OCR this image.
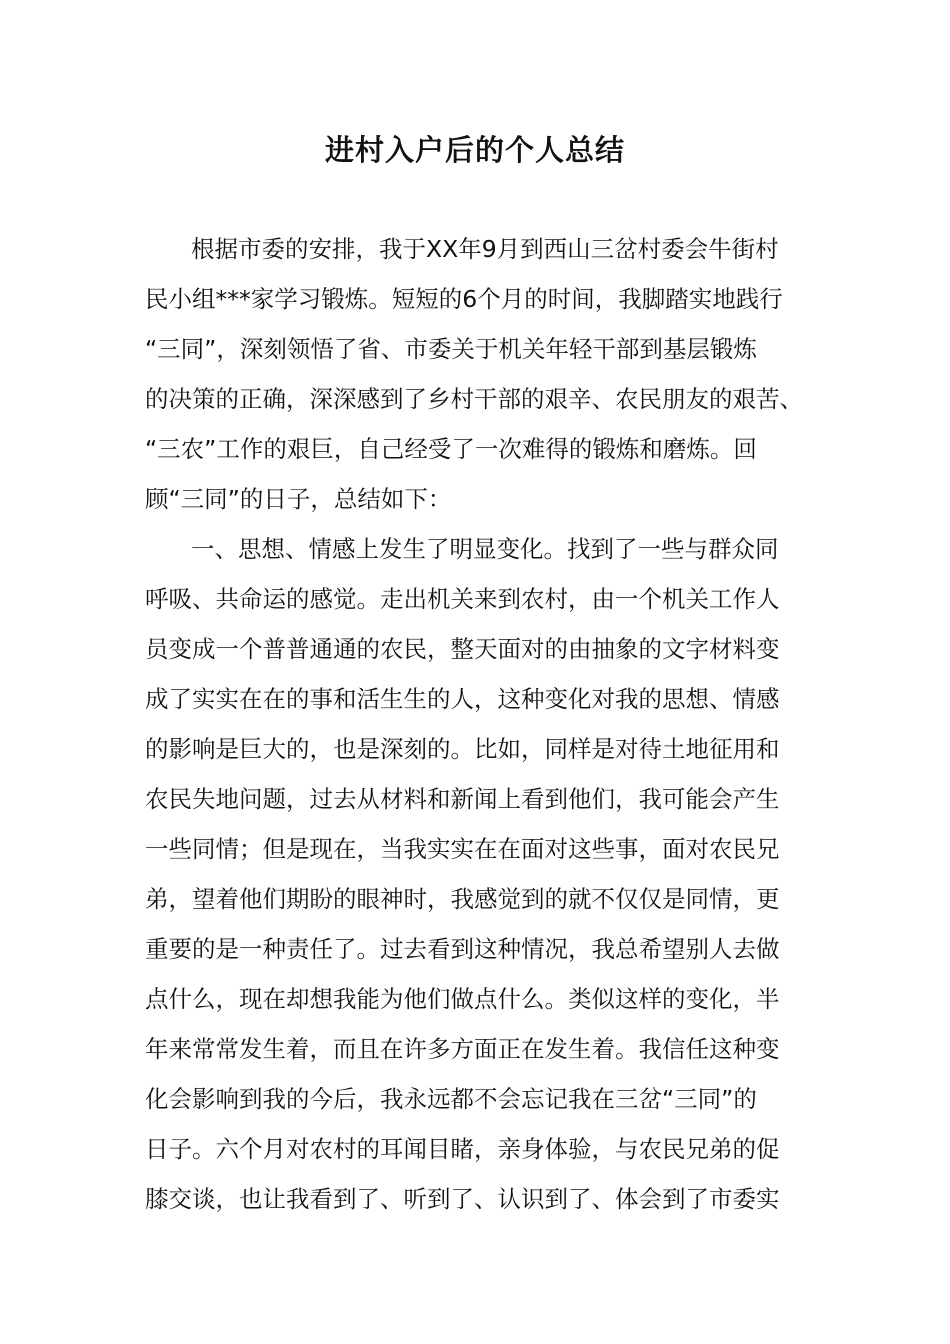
进村入户后的个人总结
根据市委的安排，我于XX年9月到西山三岔村委会牛街村
民小组***家学习锻炼。短短的6个月的时间，我脚踏实地践行
“三同”，深刻领悟了省、市委关于机关年轻干部到基层锻炼
的决策的正确，深深感到了乡村干部的艰辛、农民朋友的艰苦、
“三农”工作的艰巨，自己经受了一次难得的锻炼和磨炼。回
顾“三同”的日子，总结如下：
一、思想、情感上发生了明显变化。找到了一些与群众同
呼吸、共命运的感觉。走出机关来到农村，由一个机关工作人
员变成一个普普通通的农民，整天面对的由抽象的文字材料变
成了实实在在的事和活生生的人，这种变化对我的思想、情感
的影响是巨大的，也是深刻的。比如，同样是对待土地征用和
农民失地问题，过去从材料和新闻上看到他们，我可能会产生
一些同情；但是现在，当我实实在在面对这些事，面对农民兄
弟，望着他们期盼的眼神时，我感觉到的就不仅仅是同情，更
重要的是一种责任了。过去看到这种情况，我总希望别人去做
点什么，现在却想我能为他们做点什么。类似这样的变化，半
年来常常发生着，而且在许多方面正在发生着。我信任这种变
化会影响到我的今后，我永远都不会忘记我在三岔“三同”的
日子。六个月对农村的耳闻目睹，亲身体验，与农民兄弟的促
膝交谈，也让我看到了、听到了、认识到了、体会到了市委实
